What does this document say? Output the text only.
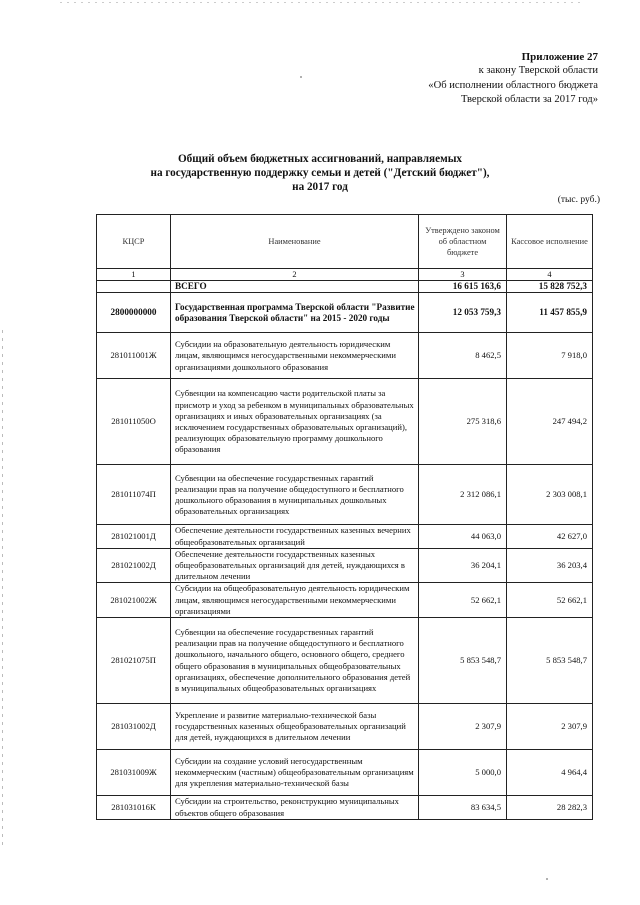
Приложение 27
к закону Тверской области
«Об исполнении областного бюджета
Тверской области за 2017 год»
Общий объем бюджетных ассигнований, направляемых
на государственную поддержку семьи и детей ("Детский бюджет"),
на 2017 год
(тыс. руб.)
КЦСР	Наименование	Утверждено законом об областном бюджете	Кассовое исполнение
1	2	3	4
	ВСЕГО	16 615 163,6	15 828 752,3
2800000000	Государственная программа Тверской области "Развитие образования Тверской области" на 2015 - 2020 годы	12 053 759,3	11 457 855,9
281011001Ж	Субсидии на образовательную деятельность юридическим лицам, являющимся негосударственными некоммерческими организациями дошкольного образования	8 462,5	7 918,0
281011050О	Субвенции на компенсацию части родительской платы за присмотр и уход за ребенком в муниципальных образовательных организациях и иных образовательных организациях (за исключением государственных образовательных организаций), реализующих образовательную программу дошкольного образования	275 318,6	247 494,2
281011074П	Субвенции на обеспечение государственных гарантий реализации прав на получение общедоступного и бесплатного дошкольного образования в муниципальных дошкольных образовательных организациях	2 312 086,1	2 303 008,1
281021001Д	Обеспечение деятельности государственных казенных вечерних общеобразовательных организаций	44 063,0	42 627,0
281021002Д	Обеспечение деятельности государственных казенных общеобразовательных организаций для детей, нуждающихся в длительном лечении	36 204,1	36 203,4
281021002Ж	Субсидии на общеобразовательную деятельность юридическим лицам, являющимся негосударственными некоммерческими организациями	52 662,1	52 662,1
281021075П	Субвенции на обеспечение государственных гарантий реализации прав на получение общедоступного и бесплатного дошкольного, начального общего, основного общего, среднего общего образования в муниципальных общеобразовательных организациях, обеспечение дополнительного образования детей в муниципальных общеобразовательных организациях	5 853 548,7	5 853 548,7
281031002Д	Укрепление и развитие материально-технической базы государственных казенных общеобразовательных организаций для детей, нуждающихся в длительном лечении	2 307,9	2 307,9
281031009Ж	Субсидии на создание условий негосударственным некоммерческим (частным) общеобразовательным организациям для укрепления материально-технической базы	5 000,0	4 964,4
281031016К	Субсидии на строительство, реконструкцию муниципальных объектов общего образования	83 634,5	28 282,3
